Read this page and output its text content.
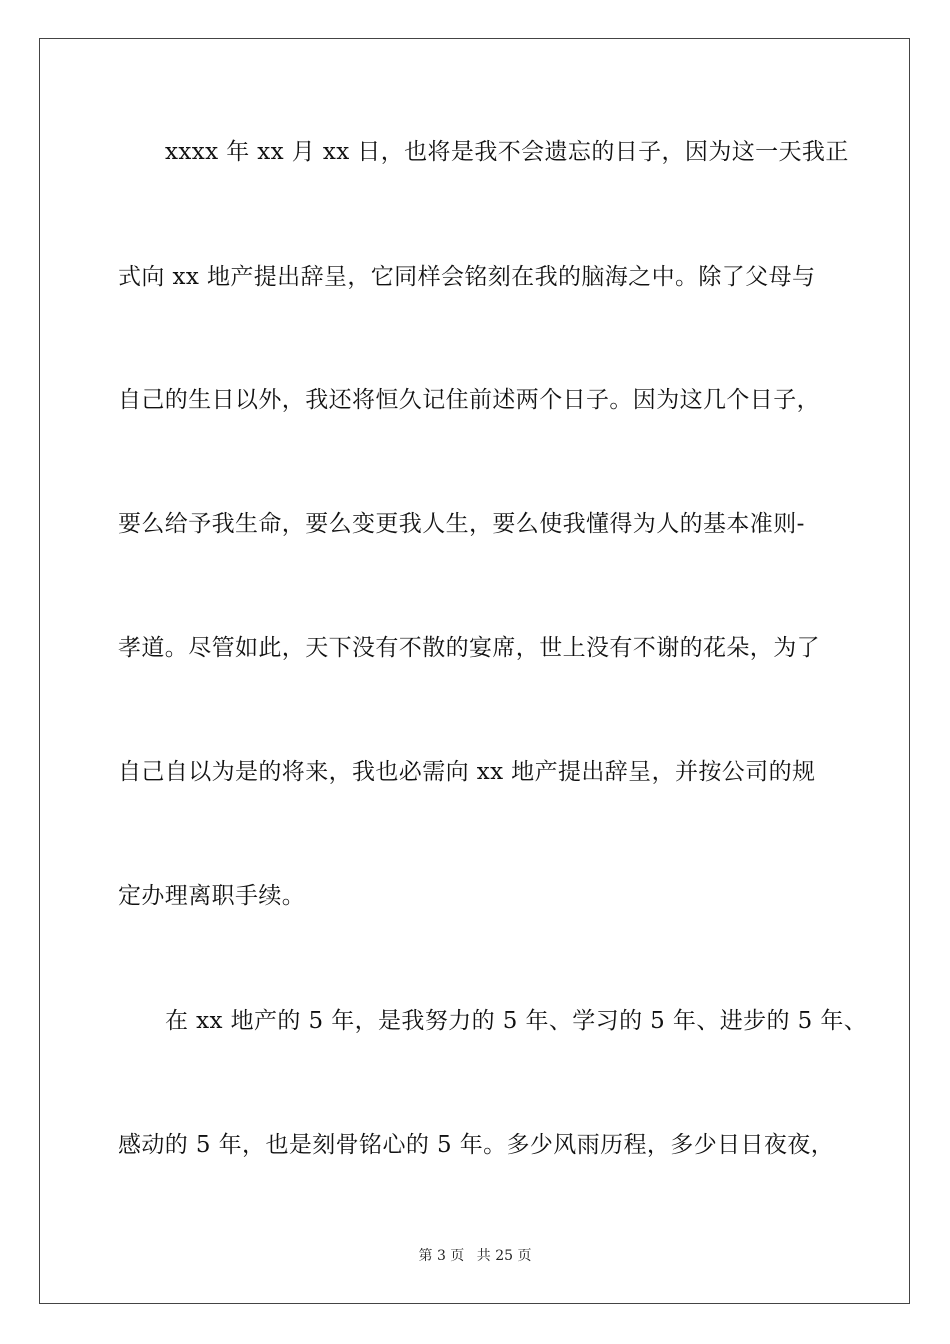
xxxx 年 xx 月 xx 日，也将是我不会遗忘的日子，因为这一天我正
式向 xx 地产提出辞呈，它同样会铭刻在我的脑海之中。除了父母与
自己的生日以外，我还将恒久记住前述两个日子。因为这几个日子，
要么给予我生命，要么变更我人生，要么使我懂得为人的基本准则-
孝道。尽管如此，天下没有不散的宴席，世上没有不谢的花朵，为了
自己自以为是的将来，我也必需向 xx 地产提出辞呈，并按公司的规
定办理离职手续。
在 xx 地产的 5 年，是我努力的 5 年、学习的 5 年、进步的 5 年、
感动的 5 年，也是刻骨铭心的 5 年。多少风雨历程，多少日日夜夜，
第 3 页 共 25 页
